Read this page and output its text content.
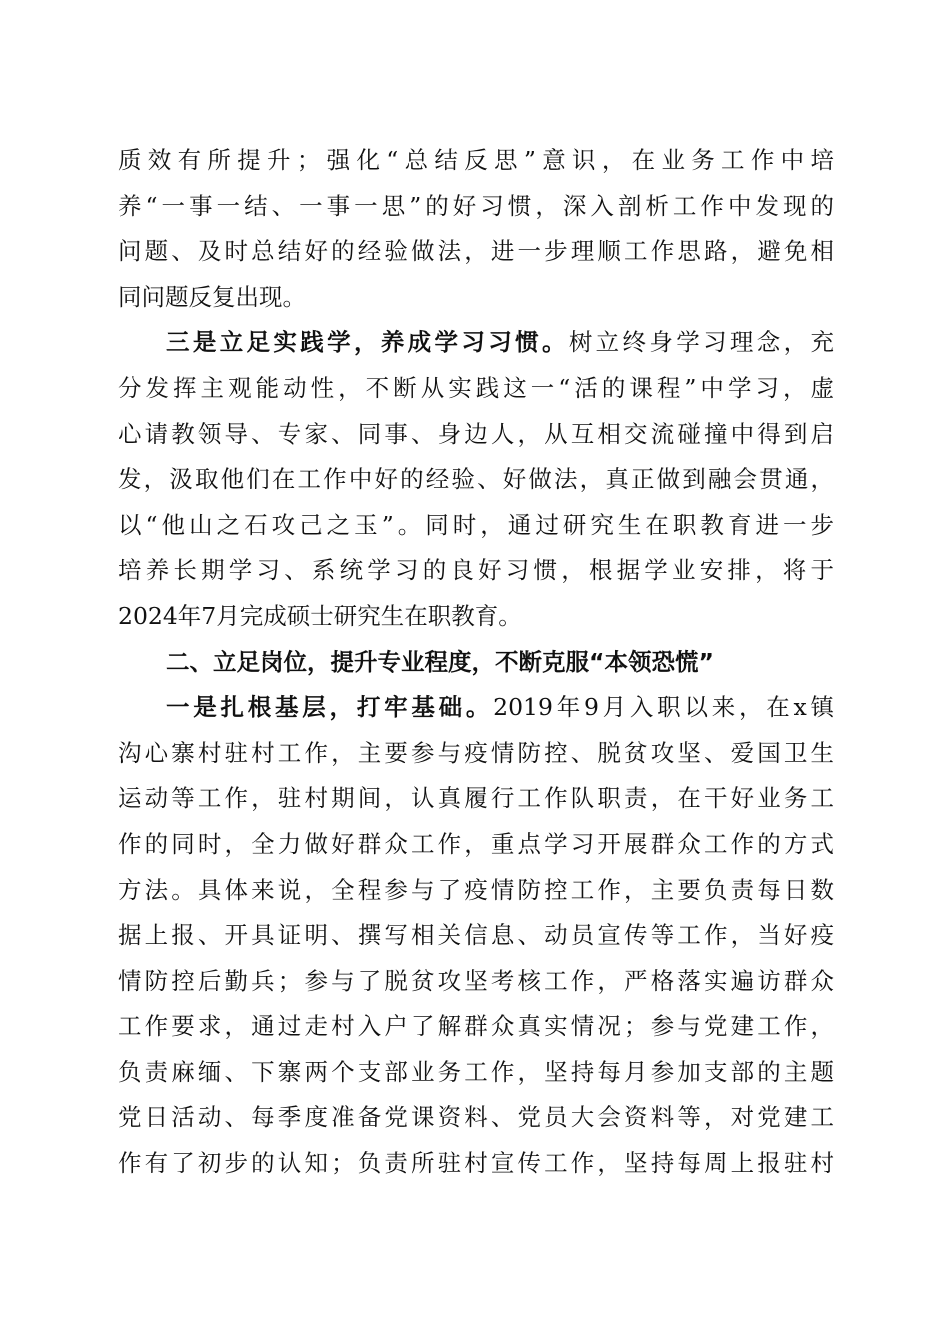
质效有所提升；强化“总结反思”意识，在业务工作中培
养“一事一结、一事一思”的好习惯，深入剖析工作中发现的
问题、及时总结好的经验做法，进一步理顺工作思路，避免相
同问题反复出现。
三是立足实践学，养成学习习惯。树立终身学习理念，充
分发挥主观能动性，不断从实践这一“活的课程”中学习，虚
心请教领导、专家、同事、身边人，从互相交流碰撞中得到启
发，汲取他们在工作中好的经验、好做法，真正做到融会贯通，
以“他山之石攻己之玉”。同时，通过研究生在职教育进一步
培养长期学习、系统学习的良好习惯，根据学业安排，将于
2024年7月完成硕士研究生在职教育。
二、立足岗位，提升专业程度，不断克服“本领恐慌”
一是扎根基层，打牢基础。2019年9月入职以来，在x镇
沟心寨村驻村工作，主要参与疫情防控、脱贫攻坚、爱国卫生
运动等工作，驻村期间，认真履行工作队职责，在干好业务工
作的同时，全力做好群众工作，重点学习开展群众工作的方式
方法。具体来说，全程参与了疫情防控工作，主要负责每日数
据上报、开具证明、撰写相关信息、动员宣传等工作，当好疫
情防控后勤兵；参与了脱贫攻坚考核工作，严格落实遍访群众
工作要求，通过走村入户了解群众真实情况；参与党建工作，
负责麻缅、下寨两个支部业务工作，坚持每月参加支部的主题
党日活动、每季度准备党课资料、党员大会资料等，对党建工
作有了初步的认知；负责所驻村宣传工作，坚持每周上报驻村
